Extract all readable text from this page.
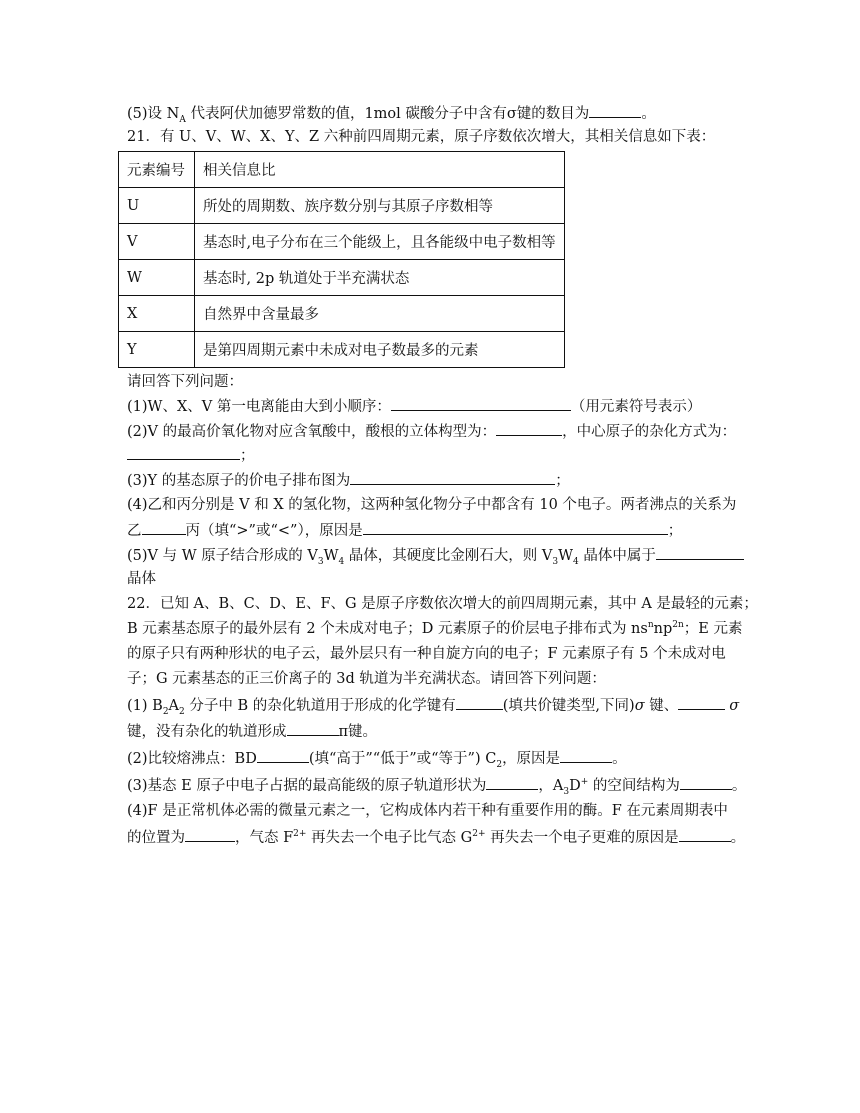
(5)设 $N_A$ 代表阿伏加德罗常数的值，1mol 碳酸分子中含有σ键的数目为	。
21．有 U、V、W、X、Y、Z 六种前四周期元素，原子序数依次增大，其相关信息如下表：
元素编号	相关信息比
U	所处的周期数、族序数分别与其原子序数相等
V	基态时,电子分布在三个能级上，且各能级中电子数相等
W	基态时, 2p 轨道处于半充满状态
X	自然界中含量最多
Y	是第四周期元素中未成对电子数最多的元素
请回答下列问题：
(1)W、X、V 第一电离能由大到小顺序：	（用元素符号表示）
(2)V 的最高价氧化物对应含氧酸中，酸根的立体构型为：	，中心原子的杂化方式为：
；
(3)Y 的基态原子的价电子排布图为	；
(4)乙和丙分别是 V 和 X 的氢化物，这两种氢化物分子中都含有 10 个电子。两者沸点的关系为
乙	丙（填“>”或“<”），原因是	；
(5)V 与 W 原子结合形成的 $V_3W_4$ 晶体，其硬度比金刚石大，则 $V_3W_4$ 晶体中属于
晶体
22．已知 A、B、C、D、E、F、G 是原子序数依次增大的前四周期元素，其中 A 是最轻的元素；
B 元素基态原子的最外层有 2 个未成对电子；D 元素原子的价层电子排布式为 $ns^nnp^{2n}$；E 元素
的原子只有两种形状的电子云，最外层只有一种自旋方向的电子；F 元素原子有 5 个未成对电
子；G 元素基态的正三价离子的 3d 轨道为半充满状态。请回答下列问题：
(1) $B_2A_2$ 分子中 B 的杂化轨道用于形成的化学键有	(填共价键类型,下同)σ 键、	σ
键，没有杂化的轨道形成	π键。
(2)比较熔沸点：BD	(填“高于”“低于”或“等于”) $C_2$，原因是	。
(3)基态 E 原子中电子占据的最高能级的原子轨道形状为	，$A_3D^+$ 的空间结构为	。
(4)F 是正常机体必需的微量元素之一，它构成体内若干种有重要作用的酶。F 在元素周期表中
的位置为	，气态 $F^{2+}$ 再失去一个电子比气态 $G^{2+}$ 再失去一个电子更难的原因是	。
